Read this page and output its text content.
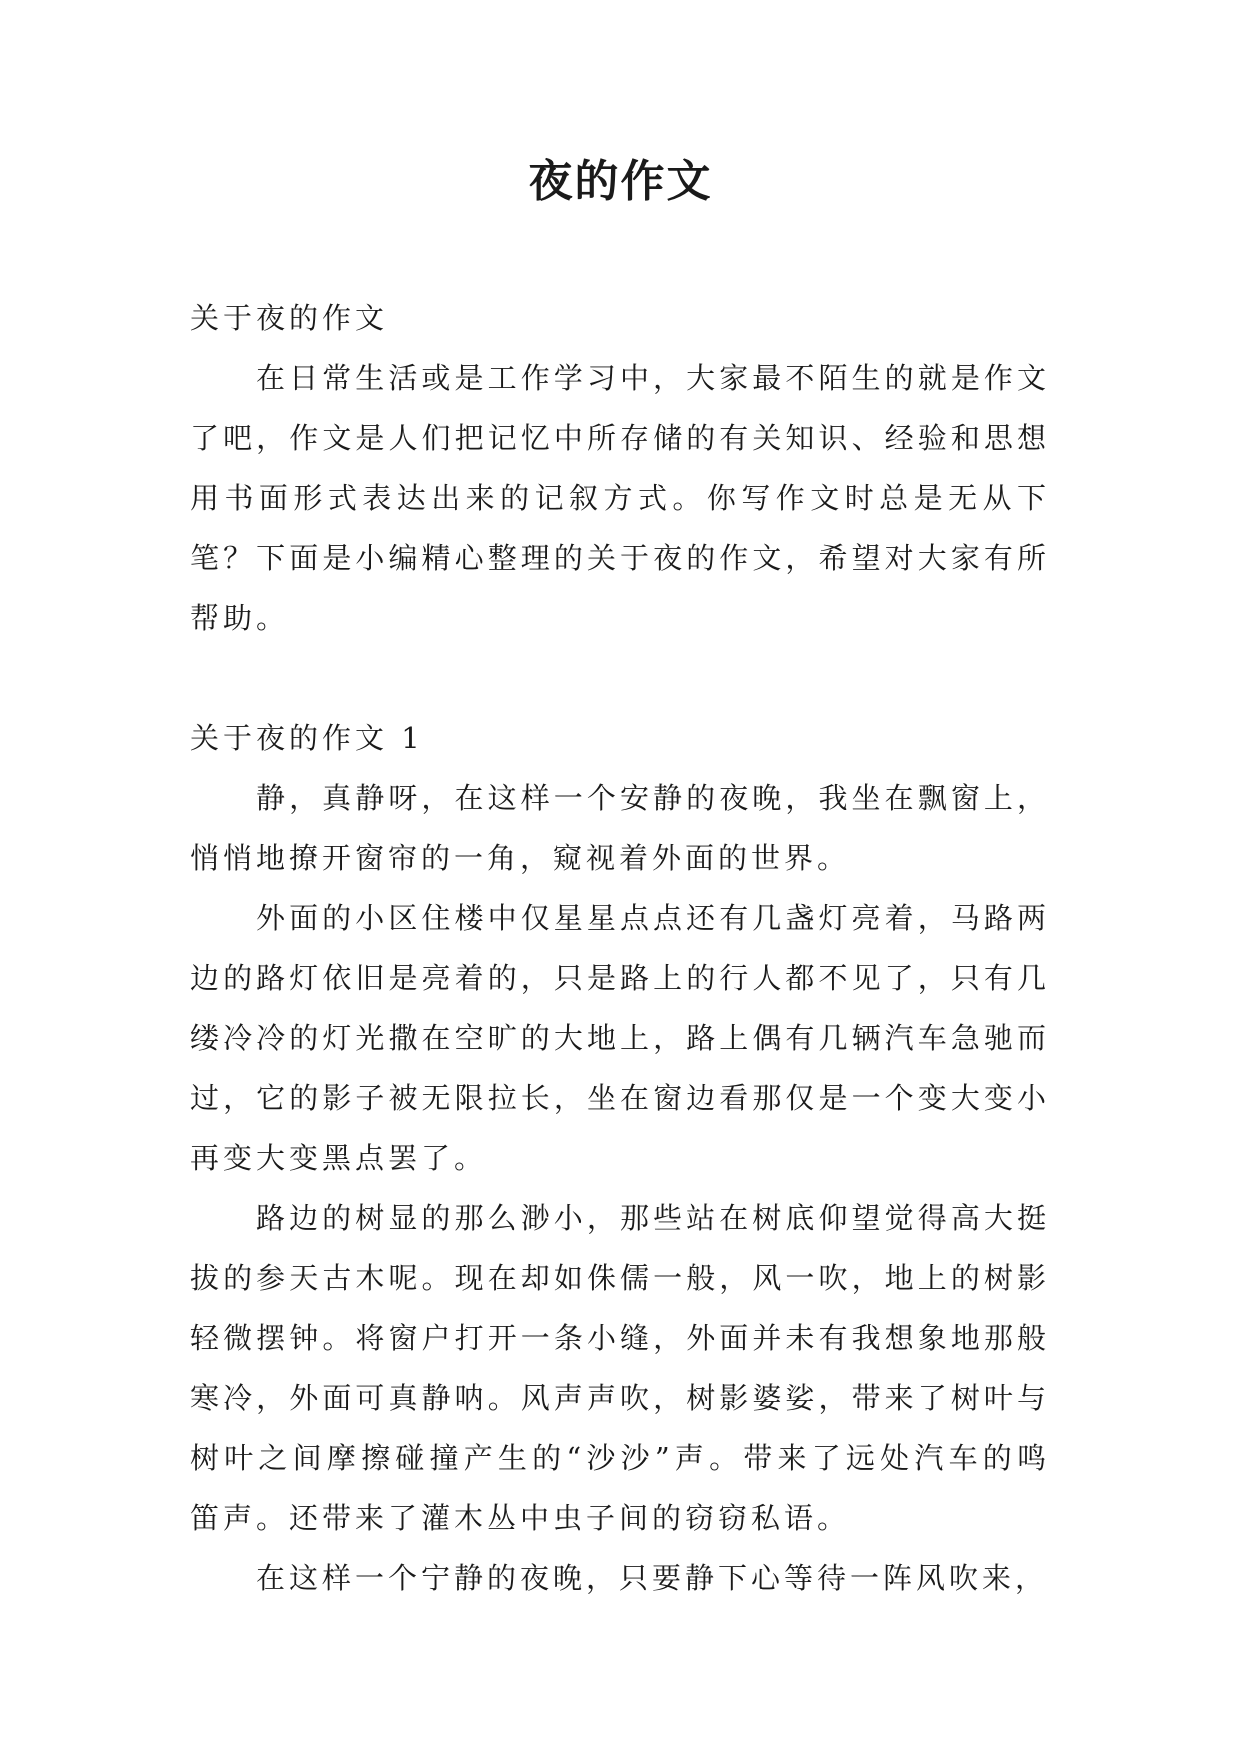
夜的作文

关于夜的作文

在日常生活或是工作学习中，大家最不陌生的就是作文了吧，作文是人们把记忆中所存储的有关知识、经验和思想用书面形式表达出来的记叙方式。你写作文时总是无从下笔？下面是小编精心整理的关于夜的作文，希望对大家有所帮助。

关于夜的作文 1

静，真静呀，在这样一个安静的夜晚，我坐在飘窗上，悄悄地撩开窗帘的一角，窥视着外面的世界。

外面的小区住楼中仅星星点点还有几盏灯亮着，马路两边的路灯依旧是亮着的，只是路上的行人都不见了，只有几缕冷冷的灯光撒在空旷的大地上，路上偶有几辆汽车急驰而过，它的影子被无限拉长，坐在窗边看那仅是一个变大变小再变大变黑点罢了。

路边的树显的那么渺小，那些站在树底仰望觉得高大挺拔的参天古木呢。现在却如侏儒一般，风一吹，地上的树影轻微摆钟。将窗户打开一条小缝，外面并未有我想象地那般寒冷，外面可真静呐。风声声吹，树影婆娑，带来了树叶与树叶之间摩擦碰撞产生的“沙沙”声。带来了远处汽车的鸣笛声。还带来了灌木丛中虫子间的窃窃私语。

在这样一个宁静的夜晚，只要静下心等待一阵风吹来，
